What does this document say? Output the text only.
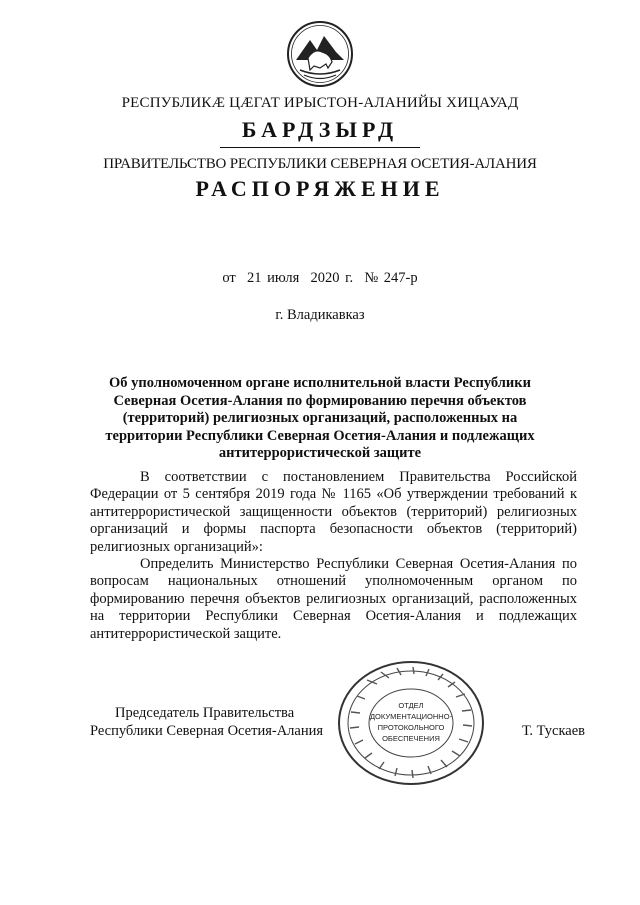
РЕСПУБЛИКÆ ЦÆГАТ ИРЫСТОН-АЛАНИЙЫ ХИЦАУАД
БАРДЗЫРД
ПРАВИТЕЛЬСТВО РЕСПУБЛИКИ СЕВЕРНАЯ ОСЕТИЯ-АЛАНИЯ
РАСПОРЯЖЕНИЕ
от  21 июля  2020 г.  № 247-р
г. Владикавказ
Об уполномоченном органе исполнительной власти Республики Северная Осетия-Алания по формированию перечня объектов (территорий) религиозных организаций, расположенных на территории Республики Северная Осетия-Алания и подлежащих антитеррористической защите

В соответствии с постановлением Правительства Российской Федерации от 5 сентября 2019 года № 1165 «Об утверждении требований к антитеррористической защищенности объектов (территорий) религиозных организаций и формы паспорта безопасности объектов (территорий) религиозных организаций»:

Определить Министерство Республики Северная Осетия-Алания по вопросам национальных отношений уполномоченным органом по формированию перечня объектов религиозных организаций, расположенных на территории Республики Северная Осетия-Алания и подлежащих антитеррористической защите.

Председатель Правительства
Республики Северная Осетия-Алания
ОТДЕЛ
ДОКУМЕНТАЦИОННО-
ПРОТОКОЛЬНОГО
ОБЕСПЕЧЕНИЯ	Т. Тускаев
